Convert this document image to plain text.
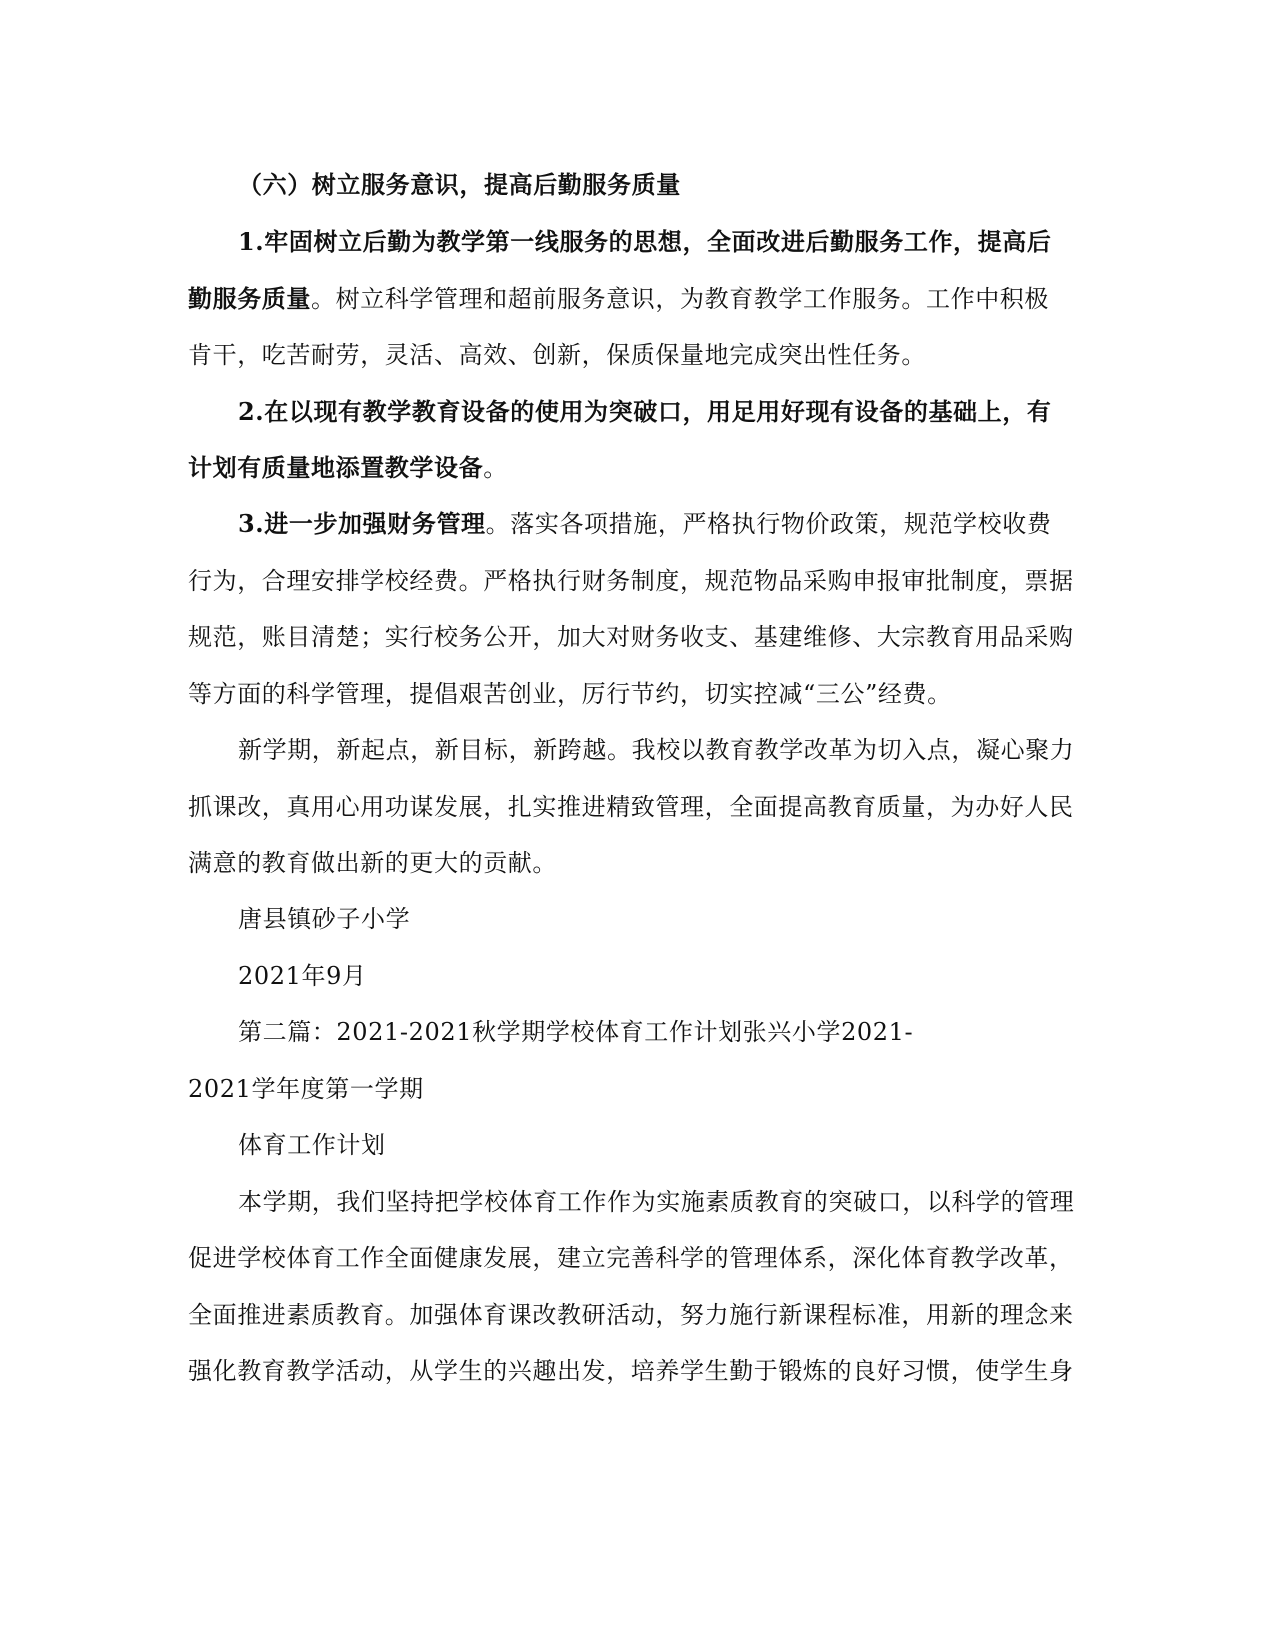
（六）树立服务意识，提高后勤服务质量
1.牢固树立后勤为教学第一线服务的思想，全面改进后勤服务工作，提高后
勤服务质量。树立科学管理和超前服务意识，为教育教学工作服务。工作中积极
肯干，吃苦耐劳，灵活、高效、创新，保质保量地完成突出性任务。
2.在以现有教学教育设备的使用为突破口，用足用好现有设备的基础上，有
计划有质量地添置教学设备。
3.进一步加强财务管理。落实各项措施，严格执行物价政策，规范学校收费
行为，合理安排学校经费。严格执行财务制度，规范物品采购申报审批制度，票据
规范，账目清楚；实行校务公开，加大对财务收支、基建维修、大宗教育用品采购
等方面的科学管理，提倡艰苦创业，厉行节约，切实控减“三公”经费。
新学期，新起点，新目标，新跨越。我校以教育教学改革为切入点，凝心聚力
抓课改，真用心用功谋发展，扎实推进精致管理，全面提高教育质量，为办好人民
满意的教育做出新的更大的贡献。
唐县镇砂子小学
2021年9月
第二篇：2021-2021秋学期学校体育工作计划张兴小学2021-
2021学年度第一学期
体育工作计划
本学期，我们坚持把学校体育工作作为实施素质教育的突破口，以科学的管理
促进学校体育工作全面健康发展，建立完善科学的管理体系，深化体育教学改革，
全面推进素质教育。加强体育课改教研活动，努力施行新课程标准，用新的理念来
强化教育教学活动，从学生的兴趣出发，培养学生勤于锻炼的良好习惯，使学生身
